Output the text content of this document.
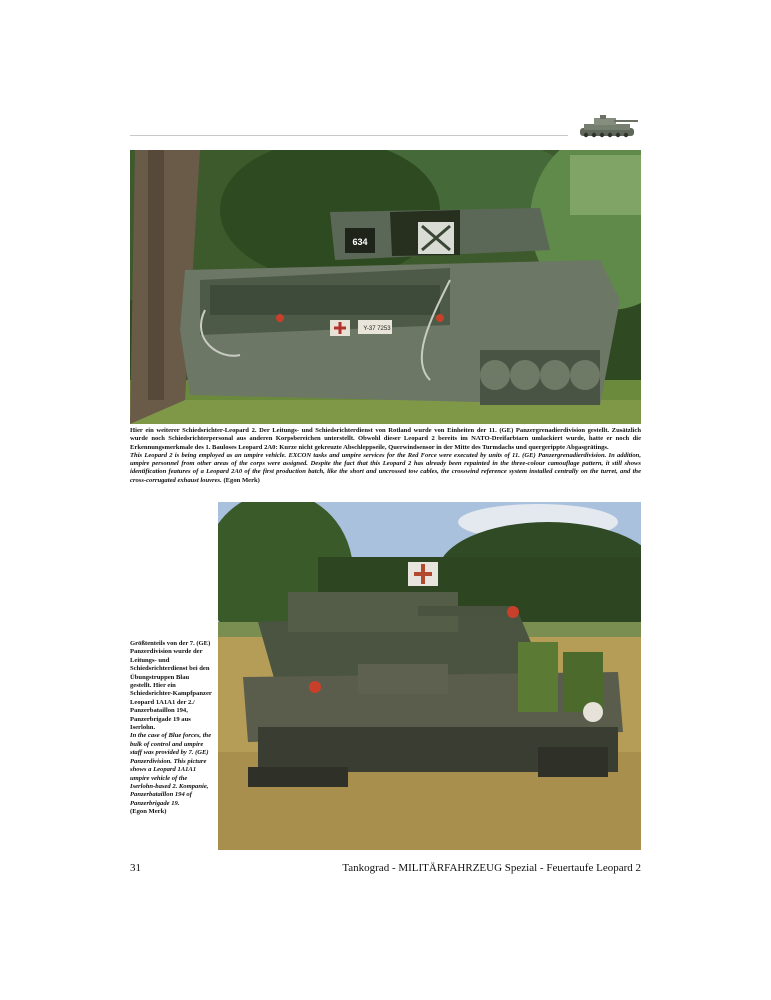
634
Y-37 7253

Hier ein weiterer Schiedsrichter-Leopard 2. Der Leitungs- und Schiedsrichterdienst von Rotland wurde von Einheiten der 11. (GE) Panzergrenadierdivision gestellt. Zusätzlich wurde noch Schiedsrichterpersonal aus anderen Korpsbereichen unterstellt. Obwohl dieser Leopard 2 bereits im NATO-Dreifarbtarn umlackiert wurde, hatte er noch die Erkennungsmerkmale des 1. Bauloses Leopard 2A0: Kurze nicht gekreuzte Abschleppseile, Querwindsensor in der Mitte des Turmdachs und quergerippte Abgasgrätings.

This Leopard 2 is being employed as an umpire vehicle. EXCON tasks and umpire services for the Red Force were executed by units of 11. (GE) Panzergrenadierdivision. In addition, umpire personnel from other areas of the corps were assigned. Despite the fact that this Leopard 2 has already been repainted in the three-colour camouflage pattern, it still shows identification features of a Leopard 2A0 of the first production batch, like the short and uncrossed tow cables, the crosswind reference system installed centrally on the turret, and the cross-corrugated exhaust louvres. (Egon Merk)

Größtenteils von der 7. (GE) Panzerdivision wurde der Leitungs- und Schiedsrichterdienst bei den Übungstruppen Blau gestellt. Hier ein Schiedsrichter-Kampfpanzer Leopard 1A1A1 der 2./ Panzerbataillon 194, Panzerbrigade 19 aus Iserlohn.

In the case of Blue forces, the bulk of control and umpire staff was provided by 7. (GE) Panzerdivision. This picture shows a Leopard 1A1A1 umpire vehicle of the Iserlohn-based 2. Kompanie, Panzerbataillon 194 of Panzerbrigade 19.

(Egon Merk)

31	Tankograd - MILITÄRFAHRZEUG Spezial - Feuertaufe Leopard 2
